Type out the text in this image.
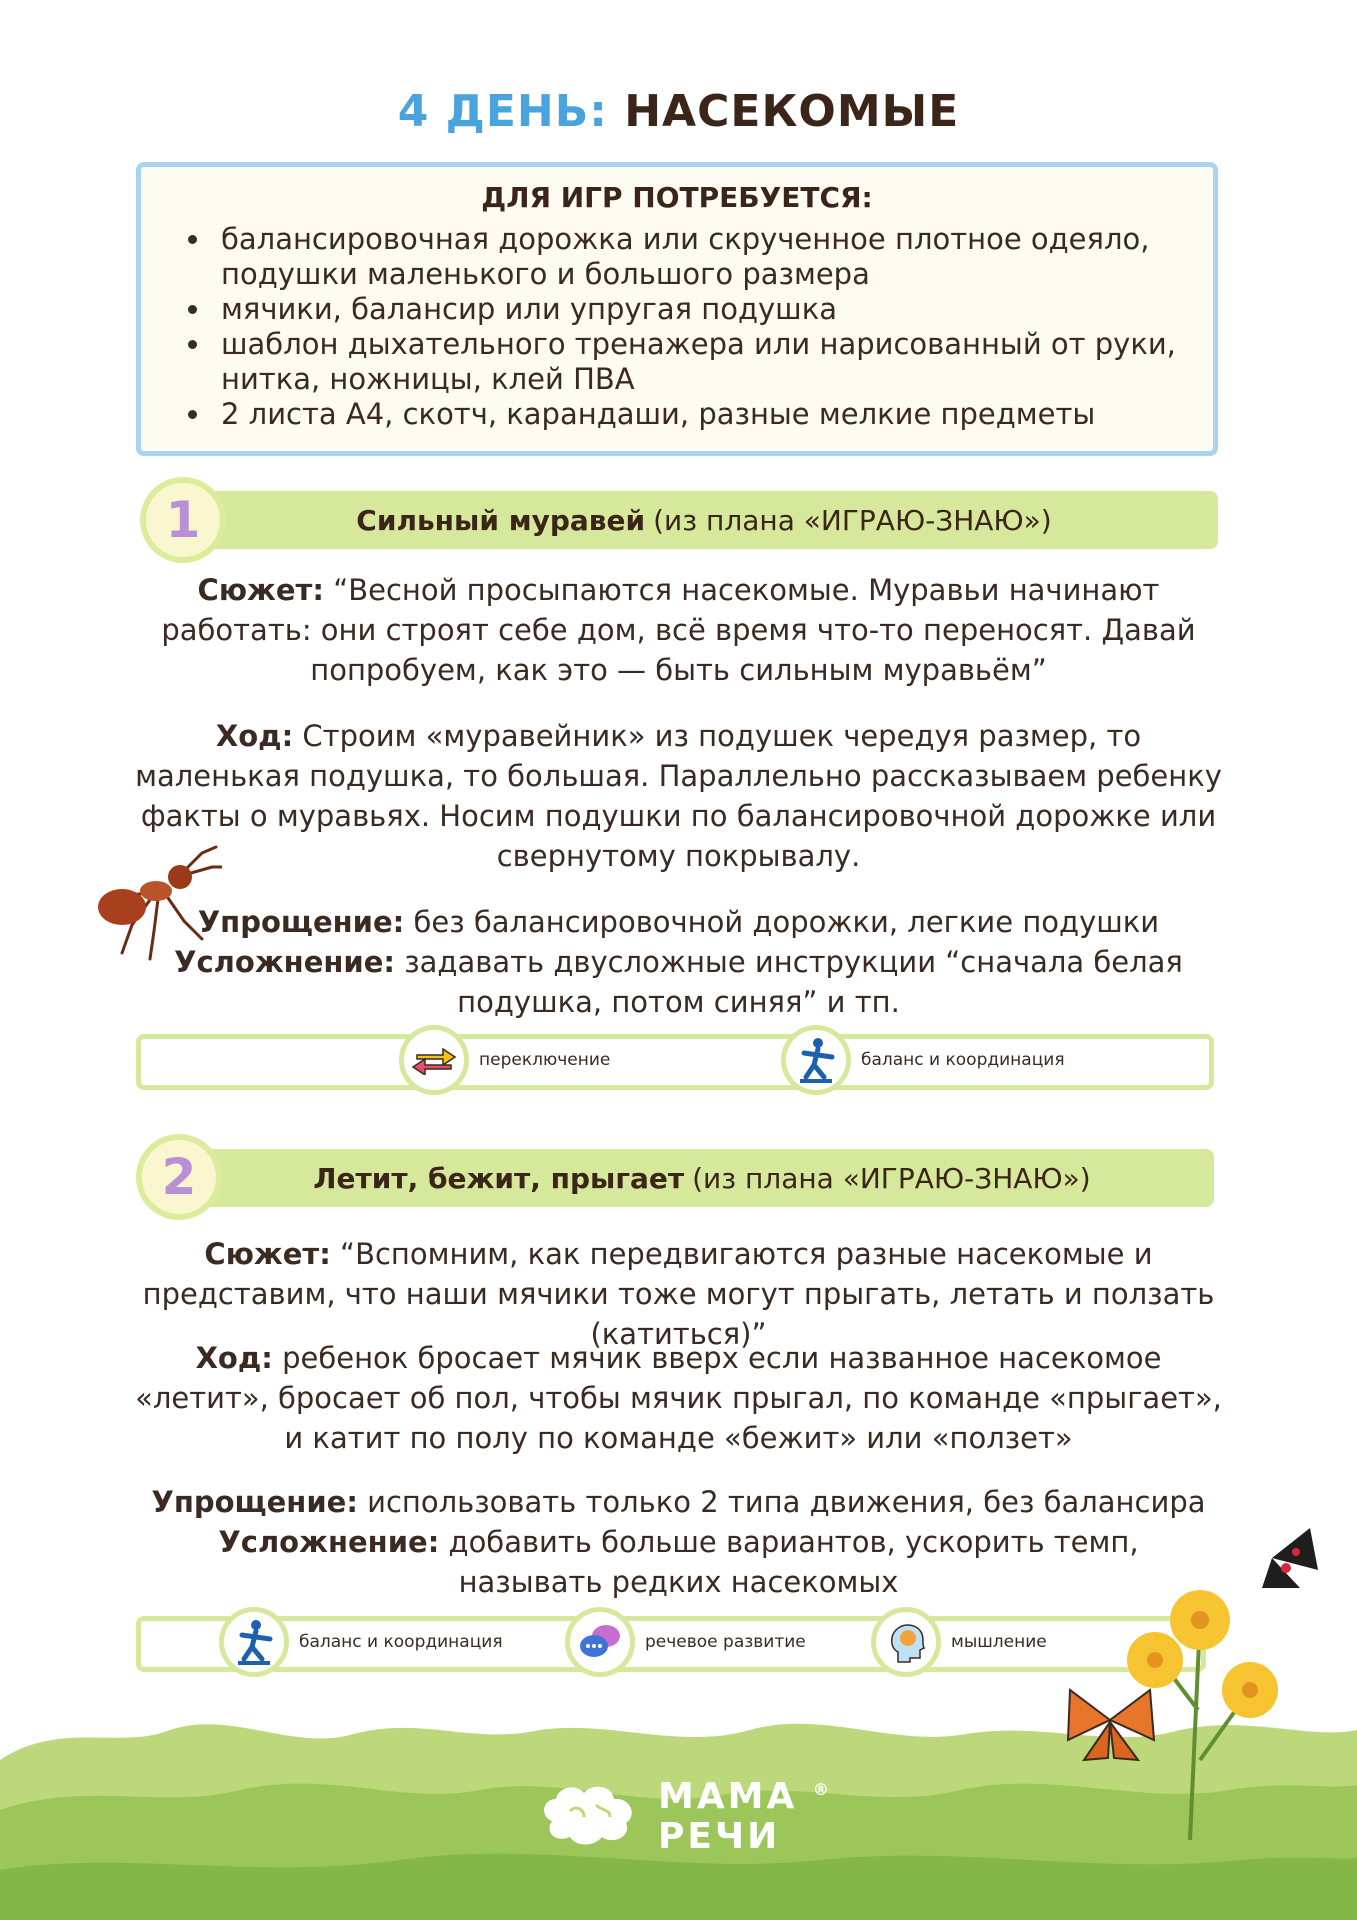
4 ДЕНЬ: НАСЕКОМЫЕ
ДЛЯ ИГР ПОТРЕБУЕТСЯ:
• балансировочная дорожка или скрученное плотное одеяло, подушки маленького и большого размера
• мячики, балансир или упругая подушка
• шаблон дыхательного тренажера или нарисованный от руки, нитка, ножницы, клей ПВА
• 2 листа А4, скотч, карандаши, разные мелкие предметы
Сильный муравей (из плана «ИГРАЮ-ЗНАЮ»)
1
Сюжет: “Весной просыпаются насекомые. Муравьи начинают работать: они строят себе дом, всё время что-то переносят. Давай попробуем, как это — быть сильным муравьём”
Ход: Строим «муравейник» из подушек чередуя размер, то маленькая подушка, то большая. Параллельно рассказываем ребенку факты о муравьях. Носим подушки по балансировочной дорожке или свернутому покрывалу.
Упрощение: без балансировочной дорожки, легкие подушки
Усложнение: задавать двусложные инструкции “сначала белая подушка, потом синяя” и тп.
переключение	баланс и координация
Летит, бежит, прыгает (из плана «ИГРАЮ-ЗНАЮ»)
2
Сюжет: “Вспомним, как передвигаются разные насекомые и представим, что наши мячики тоже могут прыгать, летать и ползать (катиться)”
Ход: ребенок бросает мячик вверх если названное насекомое «летит», бросает об пол, чтобы мячик прыгал, по команде «прыгает», и катит по полу по команде «бежит» или «ползет»
Упрощение: использовать только 2 типа движения, без балансира
Усложнение: добавить больше вариантов, ускорить темп, называть редких насекомых
баланс и координация	речевое развитие	мышление
МАМА ®
РЕЧИ
